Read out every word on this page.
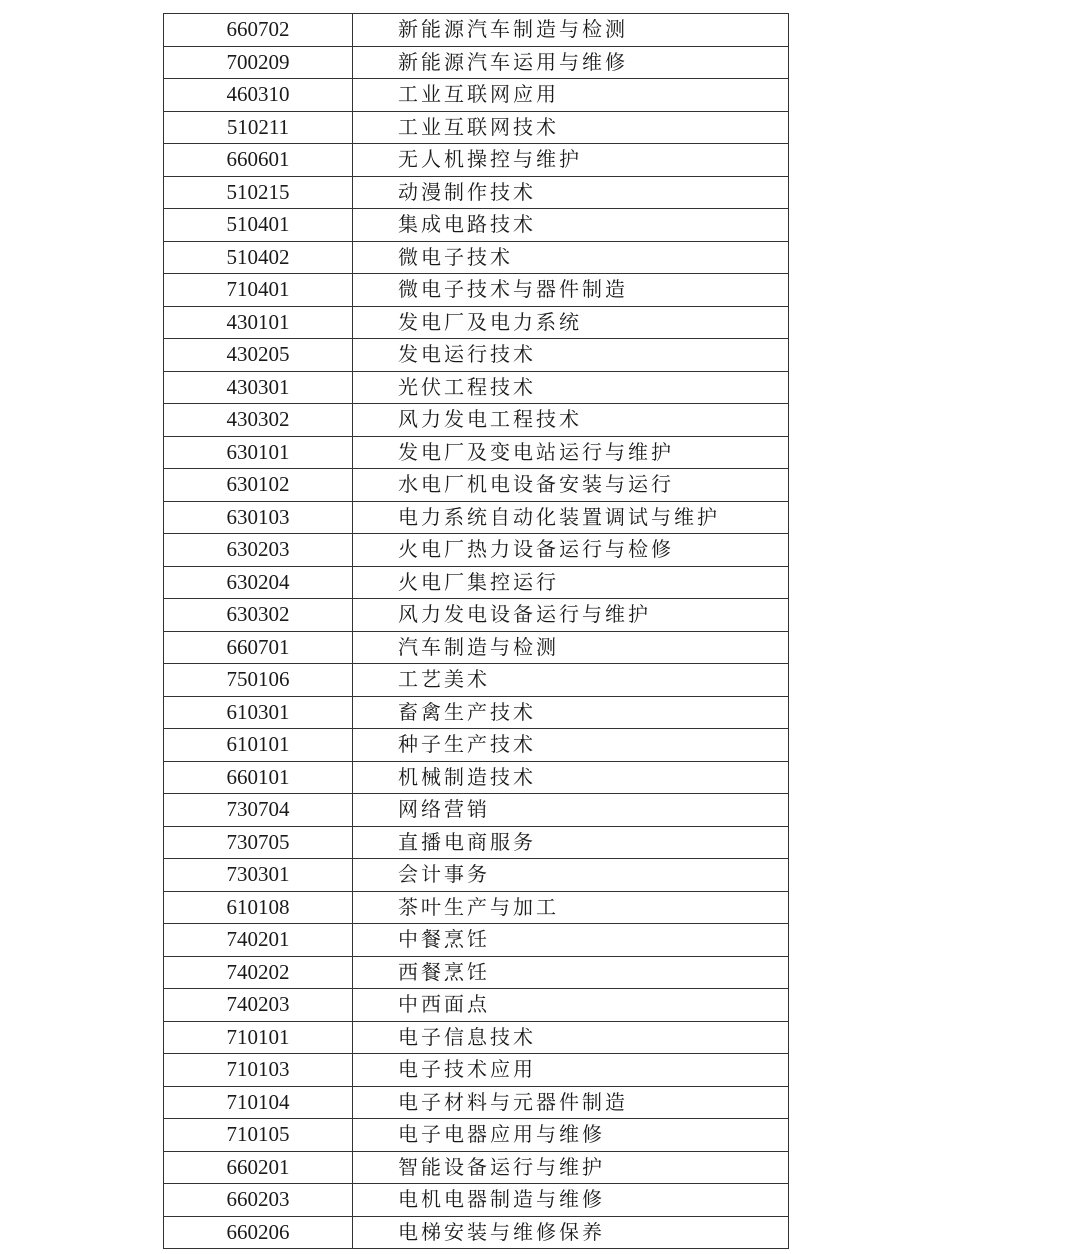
660702	新能源汽车制造与检测
700209	新能源汽车运用与维修
460310	工业互联网应用
510211	工业互联网技术
660601	无人机操控与维护
510215	动漫制作技术
510401	集成电路技术
510402	微电子技术
710401	微电子技术与器件制造
430101	发电厂及电力系统
430205	发电运行技术
430301	光伏工程技术
430302	风力发电工程技术
630101	发电厂及变电站运行与维护
630102	水电厂机电设备安装与运行
630103	电力系统自动化装置调试与维护
630203	火电厂热力设备运行与检修
630204	火电厂集控运行
630302	风力发电设备运行与维护
660701	汽车制造与检测
750106	工艺美术
610301	畜禽生产技术
610101	种子生产技术
660101	机械制造技术
730704	网络营销
730705	直播电商服务
730301	会计事务
610108	茶叶生产与加工
740201	中餐烹饪
740202	西餐烹饪
740203	中西面点
710101	电子信息技术
710103	电子技术应用
710104	电子材料与元器件制造
710105	电子电器应用与维修
660201	智能设备运行与维护
660203	电机电器制造与维修
660206	电梯安装与维修保养
